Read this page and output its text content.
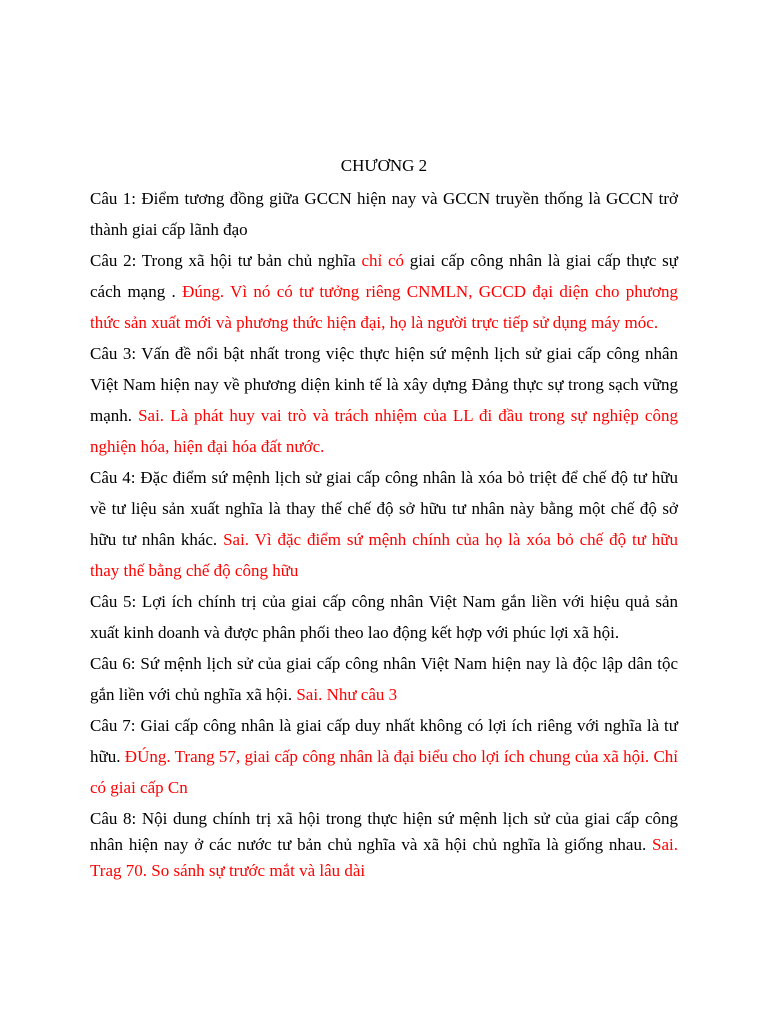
CHƯƠNG 2

Câu 1: Điểm tương đồng giữa GCCN hiện nay và GCCN truyền thống là GCCN trở thành giai cấp lãnh đạo

Câu 2: Trong xã hội tư bản chủ nghĩa chỉ có giai cấp công nhân là giai cấp thực sự cách mạng . Đúng. Vì nó có tư tưởng riêng CNMLN, GCCD đại diện cho phương thức sản xuất mới và phương thức hiện đại, họ là người trực tiếp sử dụng máy móc.

Câu 3: Vấn đề nổi bật nhất trong việc thực hiện sứ mệnh lịch sử giai cấp công nhân Việt Nam hiện nay về phương diện kinh tế là xây dựng Đảng thực sự trong sạch vững mạnh. Sai. Là phát huy vai trò và trách nhiệm của LL đi đầu trong sự nghiệp công nghiện hóa, hiện đại hóa đất nước.

Câu 4: Đặc điểm sứ mệnh lịch sử giai cấp công nhân là xóa bỏ triệt để chế độ tư hữu về tư liệu sản xuất nghĩa là thay thế chế độ sở hữu tư nhân này bằng một chế độ sở hữu tư nhân khác. Sai. Vì đặc điểm sứ mệnh chính của họ là xóa bỏ chế độ tư hữu thay thế bằng chế độ công hữu

Câu 5: Lợi ích chính trị của giai cấp công nhân Việt Nam gắn liền với hiệu quả sản xuất kinh doanh và được phân phối theo lao động kết hợp với phúc lợi xã hội.

Câu 6: Sứ mệnh lịch sử của giai cấp công nhân Việt Nam hiện nay là độc lập dân tộc gắn liền với chủ nghĩa xã hội. Sai. Như câu 3

Câu 7: Giai cấp công nhân là giai cấp duy nhất không có lợi ích riêng với nghĩa là tư hữu. ĐÚng. Trang 57, giai cấp công nhân là đại biểu cho lợi ích chung của xã hội. Chỉ có giai cấp Cn

Câu 8: Nội dung chính trị xã hội trong thực hiện sứ mệnh lịch sử của giai cấp công nhân hiện nay ở các nước tư bản chủ nghĩa và xã hội chủ nghĩa là giống nhau. Sai. Trag 70. So sánh sự trước mắt và lâu dài
